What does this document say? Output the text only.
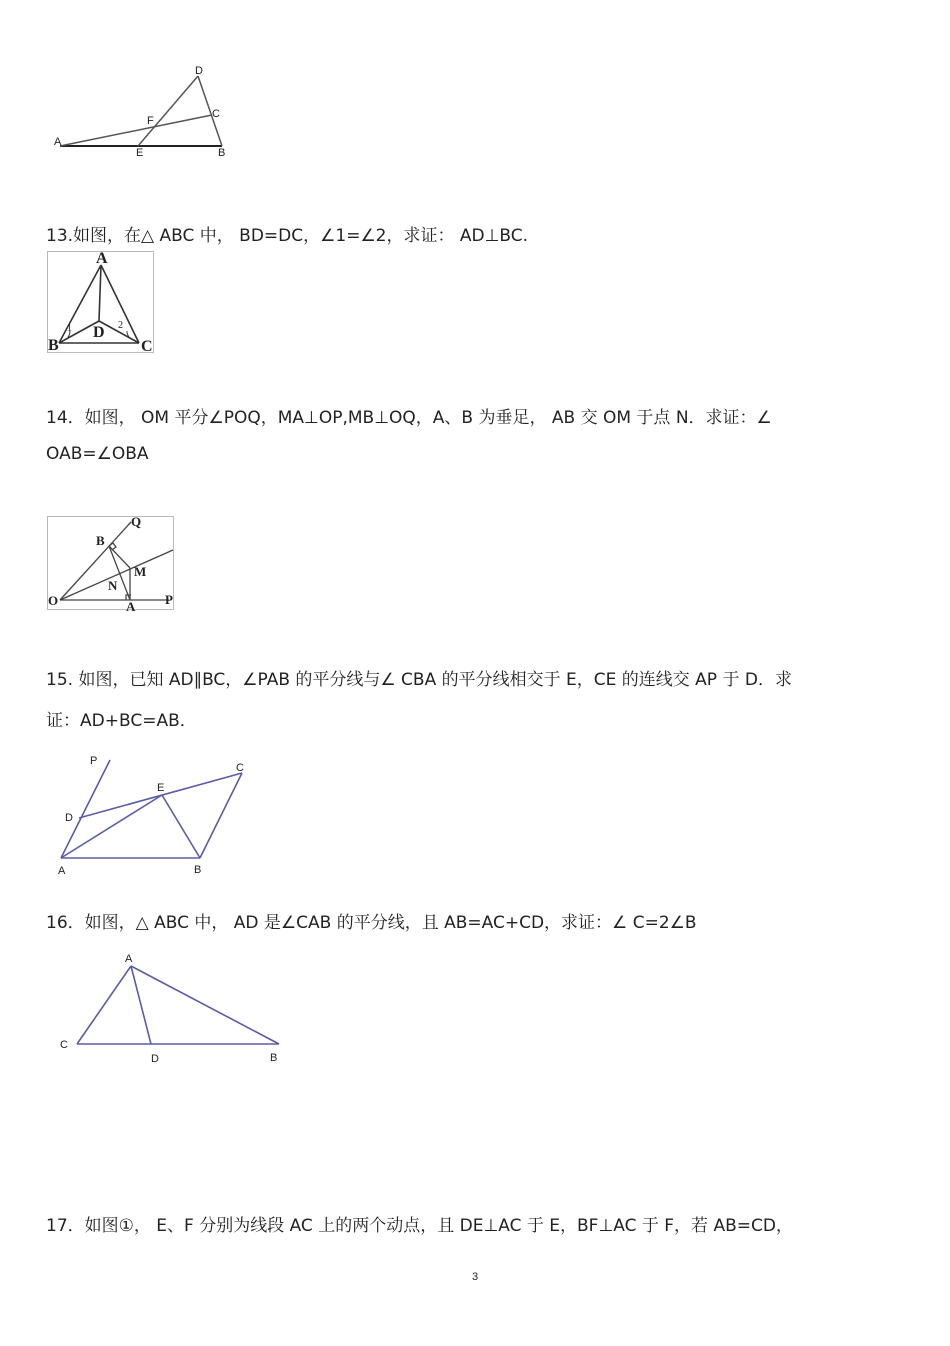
D
C
F
A
E	B
13.如图，在△ ABC 中， BD=DC，∠1=∠2，求证： AD⊥BC.
A
B	C
D
1	2
14．如图， OM 平分∠POQ，MA⊥OP,MB⊥OQ，A、B 为垂足， AB 交 OM 于点 N．求证：∠
OAB=∠OBA
O	P
Q
B
M
N
A
15. 如图，已知 AD∥BC，∠PAB 的平分线与∠ CBA 的平分线相交于 E，CE 的连线交 AP 于 D．求
证：AD+BC=AB．
P
C
E
D
A	B
16．如图，△ ABC 中， AD 是∠CAB 的平分线，且 AB=AC+CD，求证：∠ C=2∠B
A
C
D	B
17．如图①， E、F 分别为线段 AC 上的两个动点，且 DE⊥AC 于 E，BF⊥AC 于 F，若 AB=CD，
3
